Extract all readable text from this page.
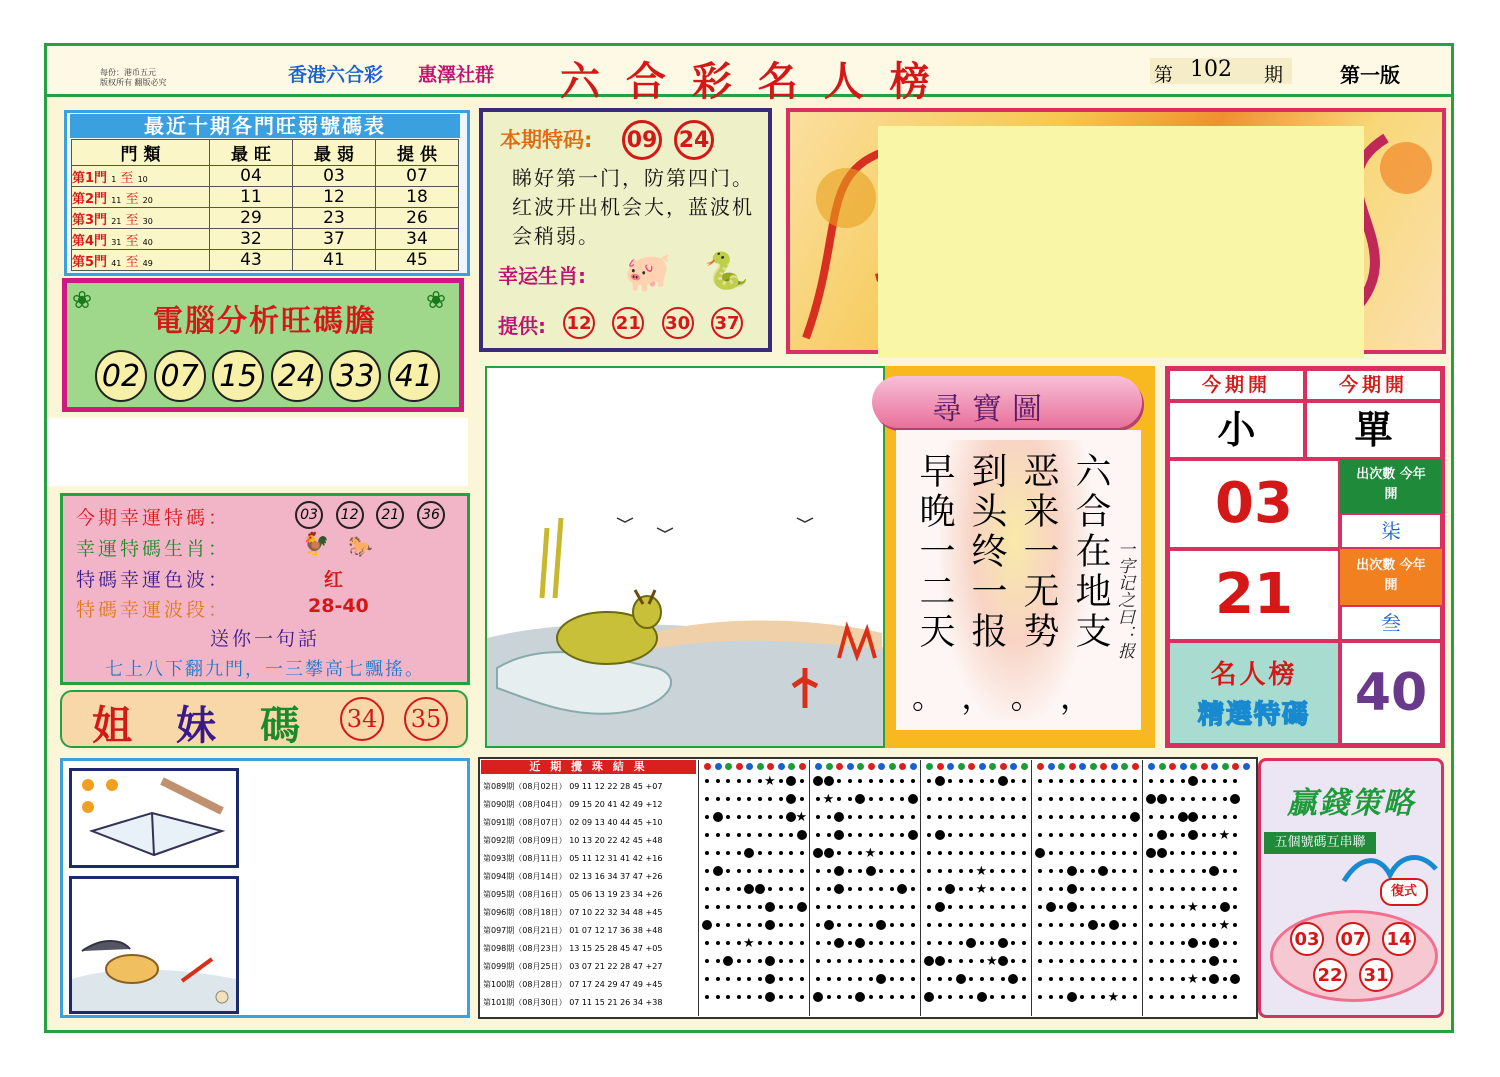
每份：港币五元
版权所有 翻版必究	香港六合彩 惠澤社群 六 合 彩 名 人 榜	第 102 期	第一版
最近十期各門旺弱號碼表
門 類	最 旺	最 弱	提 供
第1門 1 至 10	04	03	07
第2門 11 至 20	11	12	18
第3門 21 至 30	29	23	26
第4門 31 至 40	32	37	34
第5門 41 至 49	43	41	45
❀	❀
電腦分析旺碼膽
02 07 15 24 33 41
本期特码: 09 24
睇好第一门，防第四门。红波开出机会大，蓝波机会稍弱。
幸运生肖: 🐖 🐍
提供: 12 21 30 37
今期幸運特碼：	03	12	21	36
幸運特碼生肖：	🐓 🐎
特碼幸運色波：	红
特碼幸運波段：	28-40
送你一句話
七上八下翻九門，一三攀高七飄搖。
姐 妹 碼 34 35
尋寶圖
六合在地支
恶来一无势
到头终一报
早晚一二天
。 ， 。 ，
一字记之曰：报
今期開	今期開
小	單
03	出次數 今年開
柒
21	出次數 今年開
叁
名人榜
精選特碼 40
近 期 攪 珠 結 果
第089期（08月02日） 09 11 12 22 28 45 +07
第090期（08月04日） 09 15 20 41 42 49 +12
第091期（08月07日） 02 09 13 40 44 45 +10
第092期（08月09日） 10 13 20 22 42 45 +48
第093期（08月11日） 05 11 12 31 41 42 +16
第094期（08月14日） 02 13 16 34 37 47 +26
第095期（08月16日） 05 06 13 19 23 34 +26
第096期（08月18日） 07 10 22 32 34 48 +45
第097期（08月21日） 01 07 12 17 36 38 +48
第098期（08月23日） 13 15 25 28 45 47 +05
第099期（08月25日） 03 07 21 22 28 47 +27
第100期（08月28日） 07 17 24 29 47 49 +45
第101期（08月30日） 07 11 15 21 26 34 +38
★
★
★
★
★
★
★
★
★
★
★
★
★
贏錢策略
五個號碼互串聯
復式
03 07 14
22 31
